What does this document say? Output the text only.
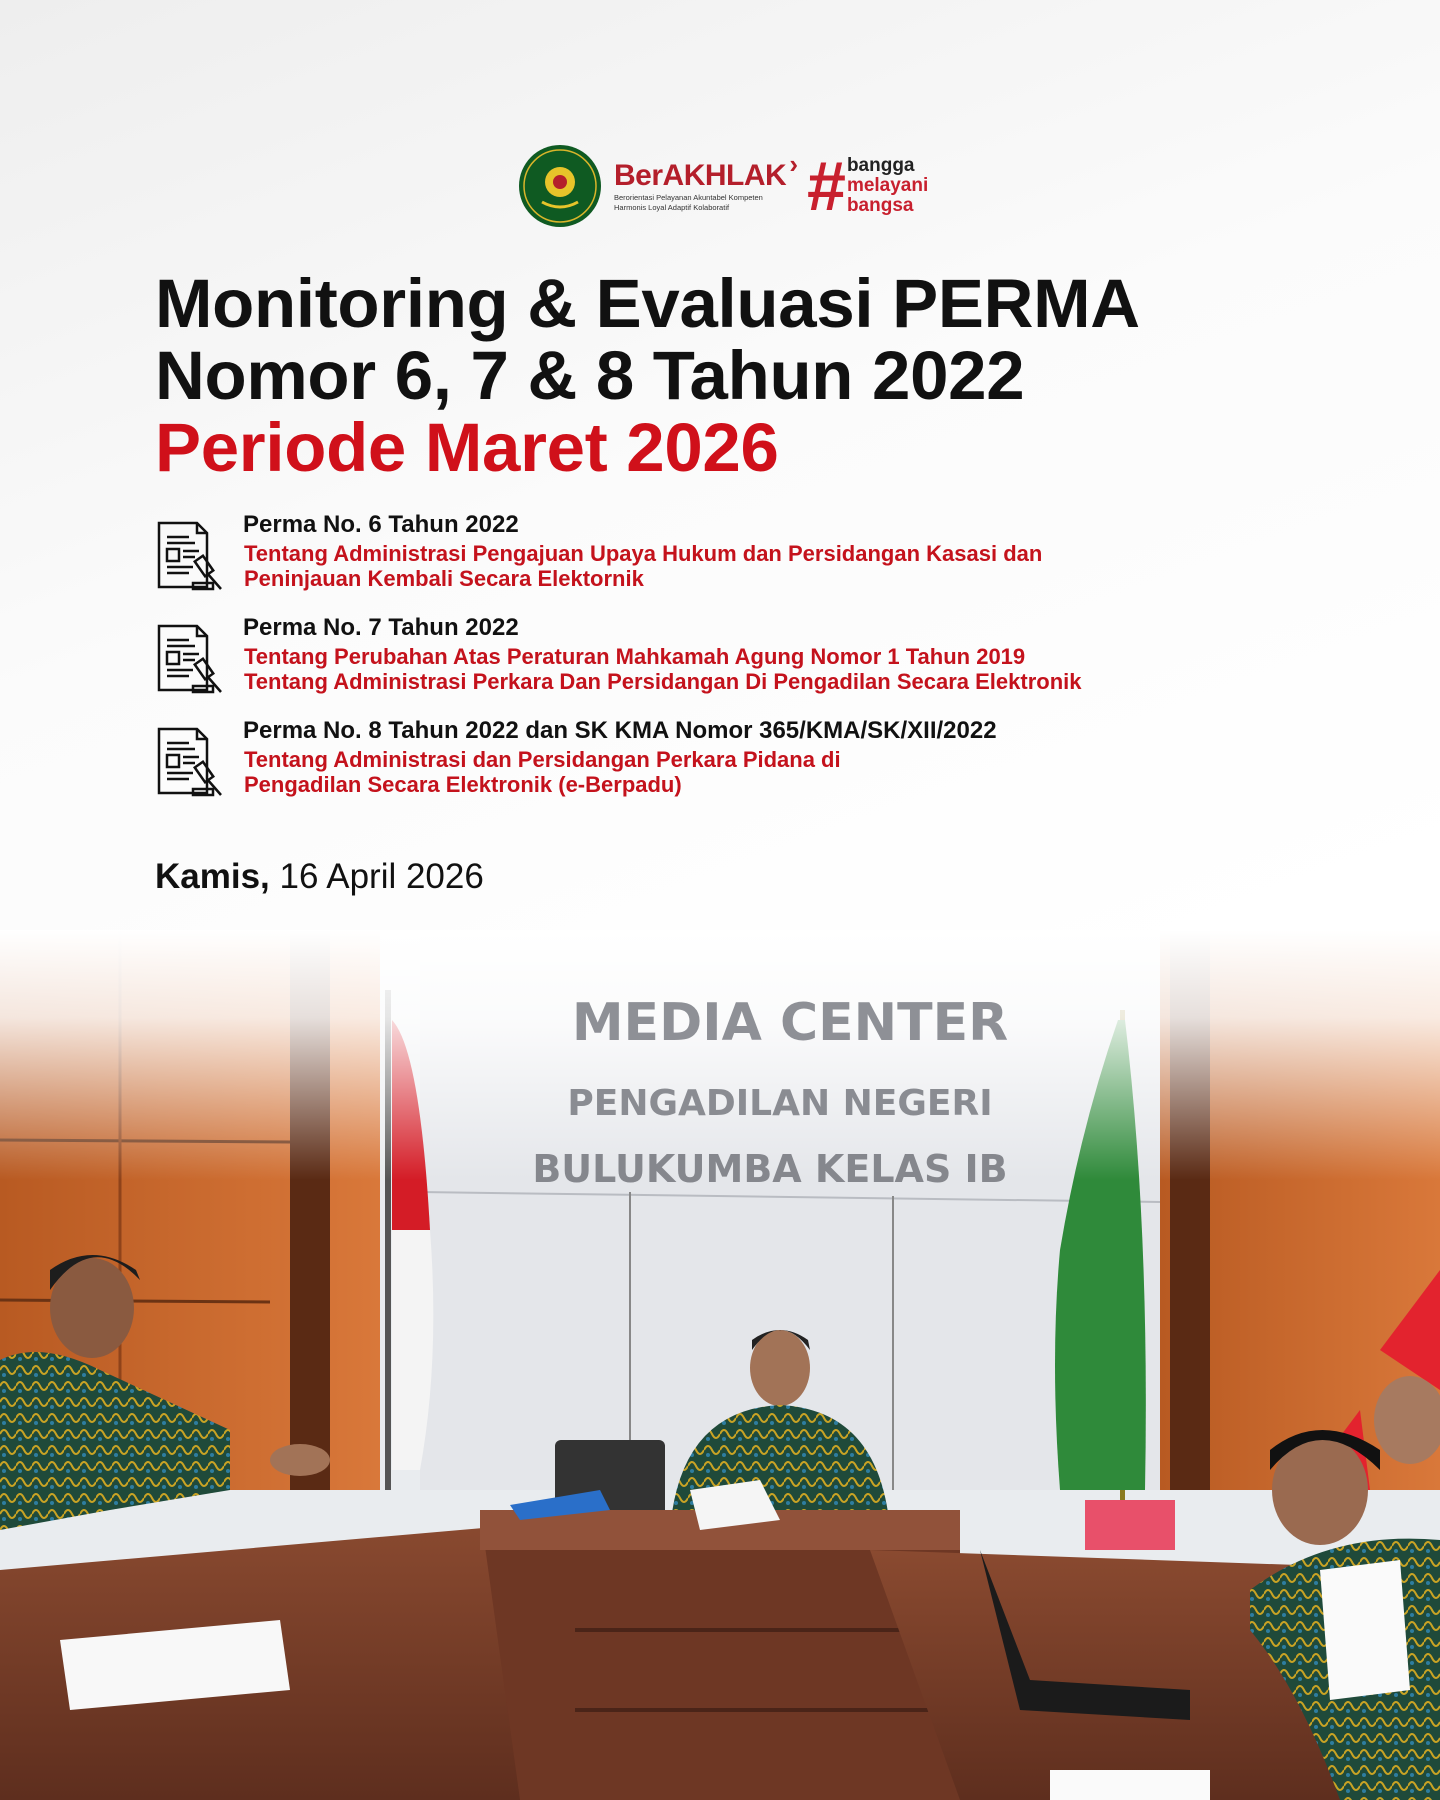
MEDIA CENTER
PENGADILAN NEGERI
BULUKUMBA KELAS IB
BerAKHLAK
Berorientasi Pelayanan Akuntabel Kompeten
Harmonis Loyal Adaptif Kolaboratif
› # bangga
melayani
bangsa
Monitoring & Evaluasi PERMA
Nomor 6, 7 & 8 Tahun 2022
Periode Maret 2026
Perma No. 6 Tahun 2022
Tentang Administrasi Pengajuan Upaya Hukum dan Persidangan Kasasi dan
Peninjauan Kembali Secara Elektornik
Perma No. 7 Tahun 2022
Tentang Perubahan Atas Peraturan Mahkamah Agung Nomor 1 Tahun 2019
Tentang Administrasi Perkara Dan Persidangan Di Pengadilan Secara Elektronik
Perma No. 8 Tahun 2022 dan SK KMA Nomor 365/KMA/SK/XII/2022
Tentang Administrasi dan Persidangan Perkara Pidana di
Pengadilan Secara Elektronik (e-Berpadu)
Kamis, 16 April 2026
